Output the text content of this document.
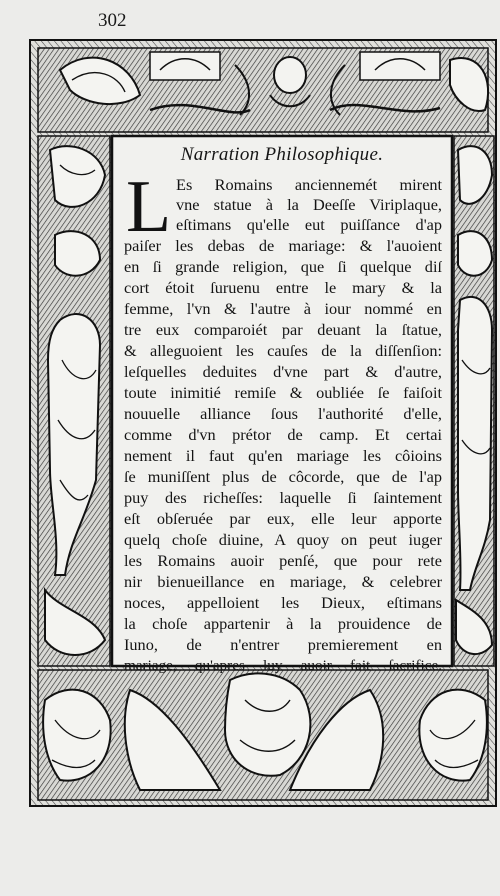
302
Narration Philosophique.
L Es Romains anciennemét mirent
vne statue à la Deeſſe Viriplaque,
eſtimans qu'elle eut puiſſance d'ap
paiſer les debas de mariage: & l'auoient
en ſi grande religion, que ſi quelque diſ
cort étoit ſuruenu entre le mary & la
femme, l'vn & l'autre à iour nommé en
tre eux comparoiét par deuant la ſtatue,
& alleguoient les cauſes de la diſſenſion:
leſquelles deduites d'vne part & d'autre,
toute inimitié remiſe & oubliée ſe faiſoit
nouuelle alliance ſous l'authorité d'elle,
comme d'vn prétor de camp. Et certai
nement il faut qu'en mariage les côioins
ſe muniſſent plus de côcorde, que de l'ap
puy des richeſſes: laquelle ſi ſaintement
eſt obſeruée par eux, elle leur apporte
quelq choſe diuine, A quoy on peut iuger
les Romains auoir penſé, que pour rete
nir bienueillance en mariage, & celebrer
noces, appelloient les Dieux, eſtimans
la choſe appartenir à la prouidence de
Iuno, de n'entrer premierement en
mariage, qu'apres luy auoir fait ſacrifice.
